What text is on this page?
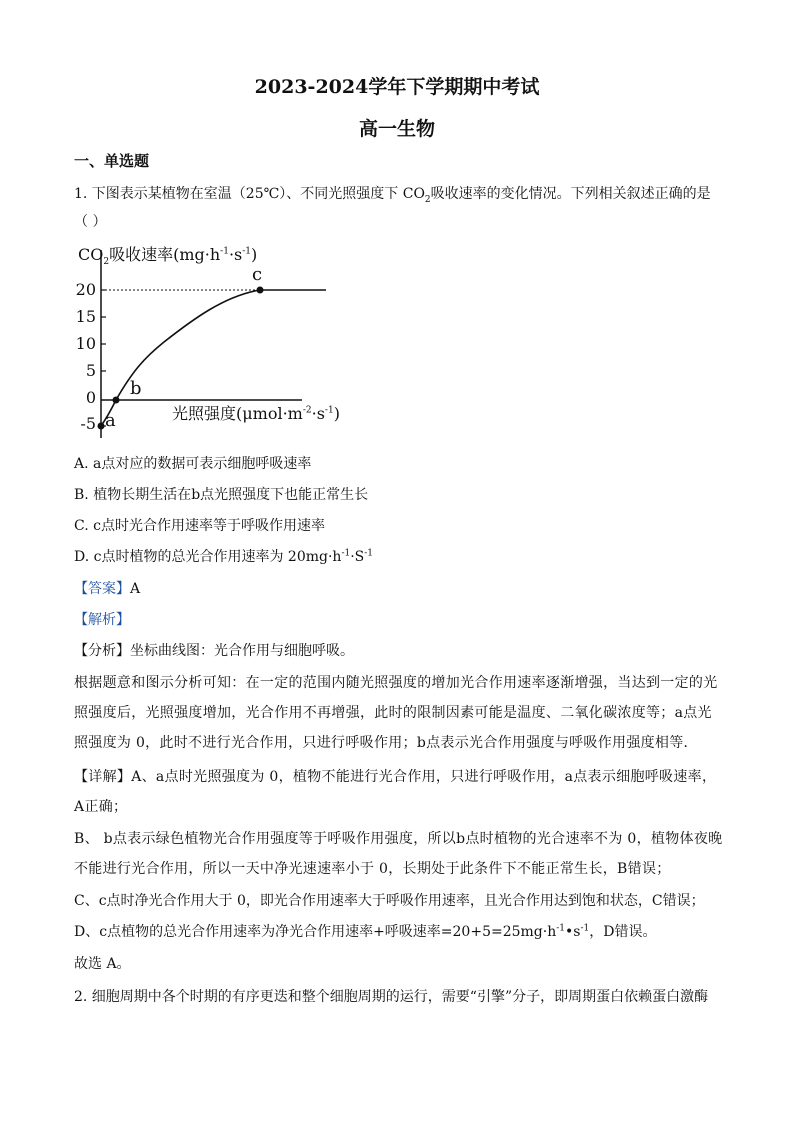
2023-2024学年下学期期中考试
高一生物
一、单选题
1. 下图表示某植物在室温（25℃）、不同光照强度下 $CO_2$吸收速率的变化情况。下列相关叙述正确的是
（ ）
$CO_2$吸收速率$(mg\cdot h^{-1}\cdot s^{-1})$
20
15
10
5
0
-5 a
b
c
光照强度$(\mu mol\cdot m^{-2}\cdot s^{-1})$
A. a点对应的数据可表示细胞呼吸速率
B. 植物长期生活在b点光照强度下也能正常生长
C. c点时光合作用速率等于呼吸作用速率
D. c点时植物的总光合作用速率为 $20mg\cdot h^{-1}\cdot S^{-1}$
【答案】A
【解析】
【分析】坐标曲线图：光合作用与细胞呼吸。
根据题意和图示分析可知：在一定的范围内随光照强度的增加光合作用速率逐渐增强，当达到一定的光照强度后，光照强度增加，光合作用不再增强，此时的限制因素可能是温度、二氧化碳浓度等；a点光照强度为 0，此时不进行光合作用，只进行呼吸作用；b点表示光合作用强度与呼吸作用强度相等．
【详解】A、a点时光照强度为 0，植物不能进行光合作用，只进行呼吸作用，a点表示细胞呼吸速率，A正确；
B、 b点表示绿色植物光合作用强度等于呼吸作用强度，所以b点时植物的光合速率不为 0，植物体夜晚不能进行光合作用，所以一天中净光速速率小于 0，长期处于此条件下不能正常生长，B错误；
C、c点时净光合作用大于 0，即光合作用速率大于呼吸作用速率，且光合作用达到饱和状态，C错误；
D、c点植物的总光合作用速率为净光合作用速率+呼吸速率$=20+5=25mg\cdot h^{-1}•s^{-1}$，D错误。
故选 A。
2. 细胞周期中各个时期的有序更迭和整个细胞周期的运行，需要“引擎”分子，即周期蛋白依赖蛋白激酶
